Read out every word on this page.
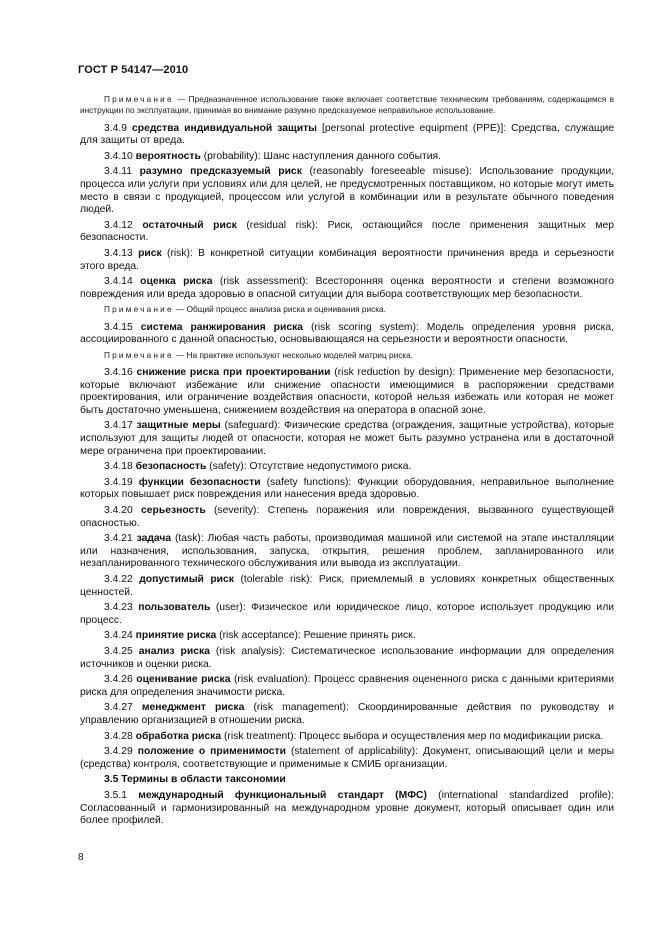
ГОСТ Р 54147—2010

Примечание — Предназначенное использование также включает соответствие техническим требованиям, содержащимся в инструкции по эксплуатации, принимая во внимание разумно предсказуемое неправильное использование.

3.4.9 средства индивидуальной защиты [personal protective equipment (PPE)]: Средства, служащие для защиты от вреда.

3.4.10 вероятность (probability): Шанс наступления данного события.

3.4.11 разумно предсказуемый риск (reasonably foreseeable misuse): Использование продукции, процесса или услуги при условиях или для целей, не предусмотренных поставщиком, но которые могут иметь место в связи с продукцией, процессом или услугой в комбинации или в результате обычного поведения людей.

3.4.12 остаточный риск (residual risk): Риск, остающийся после применения защитных мер безопасности.

3.4.13 риск (risk): В конкретной ситуации комбинация вероятности причинения вреда и серьезности этого вреда.

3.4.14 оценка риска (risk assessment): Всесторонняя оценка вероятности и степени возможного повреждения или вреда здоровью в опасной ситуации для выбора соответствующих мер безопасности.

Примечание — Общий процесс анализа риска и оценивания риска.

3.4.15 система ранжирования риска (risk scoring system): Модель определения уровня риска, ассоциированного с данной опасностью, основывающаяся на серьезности и вероятности опасности.

Примечание — На практике используют несколько моделей матриц риска.

3.4.16 снижение риска при проектировании (risk reduction by design): Применение мер безопасности, которые включают избежание или снижение опасности имеющимися в распоряжении средствами проектирования, или ограничение воздействия опасности, которой нельзя избежать или которая не может быть достаточно уменьшена, снижением воздействия на оператора в опасной зоне.

3.4.17 защитные меры (safeguard): Физические средства (ограждения, защитные устройства), которые используют для защиты людей от опасности, которая не может быть разумно устранена или в достаточной мере ограничена при проектировании.

3.4.18 безопасность (safety): Отсутствие недопустимого риска.

3.4.19 функции безопасности (safety functions): Функции оборудования, неправильное выполнение которых повышает риск повреждения или нанесения вреда здоровью.

3.4.20 серьезность (severity): Степень поражения или повреждения, вызванного существующей опасностью.

3.4.21 задача (task): Любая часть работы, производимая машиной или системой на этапе инсталляции или назначения, использования, запуска, открытия, решения проблем, запланированного или незапланированного технического обслуживания или вывода из эксплуатации.

3.4.22 допустимый риск (tolerable risk): Риск, приемлемый в условиях конкретных общественных ценностей.

3.4.23 пользователь (user): Физическое или юридическое лицо, которое использует продукцию или процесс.

3.4.24 принятие риска (risk acceptance): Решение принять риск.

3.4.25 анализ риска (risk analysis): Систематическое использование информации для определения источников и оценки риска.

3.4.26 оценивание риска (risk evaluation): Процесс сравнения оцененного риска с данными критериями риска для определения значимости риска.

3.4.27 менеджмент риска (risk management): Скоординированные действия по руководству и управлению организацией в отношении риска.

3.4.28 обработка риска (risk treatment): Процесс выбора и осуществления мер по модификации риска.

3.4.29 положение о применимости (statement of applicability): Документ, описывающий цели и меры (средства) контроля, соответствующие и применимые к СМИБ организации.

3.5 Термины в области таксономии

3.5.1 международный функциональный стандарт (МФС) (international standardized profile): Согласованный и гармонизированный на международном уровне документ, который описывает один или более профилей.

8
